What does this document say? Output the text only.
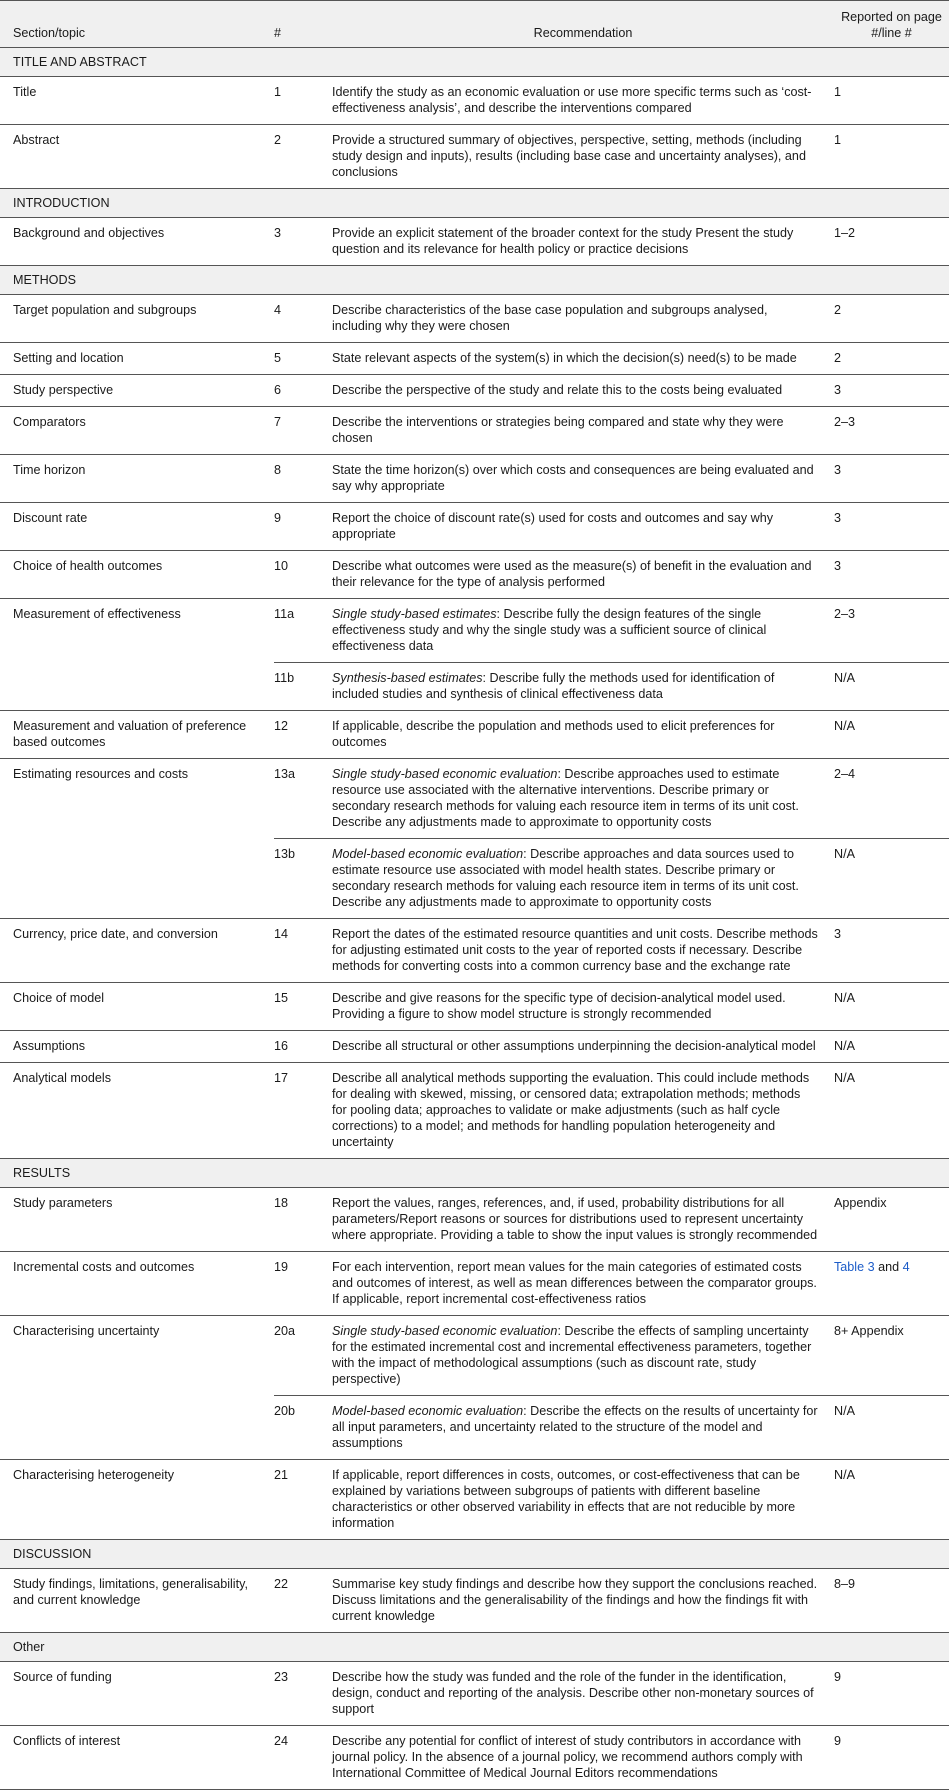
Section/topic	#	Recommendation	Reported on page #/line #
TITLE AND ABSTRACT			
Title	1	Identify the study as an economic evaluation or use more specific terms such as ‘cost-effectiveness analysis’, and describe the interventions compared	1
Abstract	2	Provide a structured summary of objectives, perspective, setting, methods (including study design and inputs), results (including base case and uncertainty analyses), and conclusions	1
INTRODUCTION			
Background and objectives	3	Provide an explicit statement of the broader context for the study Present the study question and its relevance for health policy or practice decisions	1–2
METHODS			
Target population and subgroups	4	Describe characteristics of the base case population and subgroups analysed, including why they were chosen	2
Setting and location	5	State relevant aspects of the system(s) in which the decision(s) need(s) to be made	2
Study perspective	6	Describe the perspective of the study and relate this to the costs being evaluated	3
Comparators	7	Describe the interventions or strategies being compared and state why they were chosen	2–3
Time horizon	8	State the time horizon(s) over which costs and consequences are being evaluated and say why appropriate	3
Discount rate	9	Report the choice of discount rate(s) used for costs and outcomes and say why appropriate	3
Choice of health outcomes	10	Describe what outcomes were used as the measure(s) of benefit in the evaluation and their relevance for the type of analysis performed	3
Measurement of effectiveness	11a	Single study-based estimates: Describe fully the design features of the single effectiveness study and why the single study was a sufficient source of clinical effectiveness data	2–3
	11b	Synthesis-based estimates: Describe fully the methods used for identification of included studies and synthesis of clinical effectiveness data	N/A
Measurement and valuation of preference based outcomes	12	If applicable, describe the population and methods used to elicit preferences for outcomes	N/A
Estimating resources and costs	13a	Single study-based economic evaluation: Describe approaches used to estimate resource use associated with the alternative interventions. Describe primary or secondary research methods for valuing each resource item in terms of its unit cost. Describe any adjustments made to approximate to opportunity costs	2–4
	13b	Model-based economic evaluation: Describe approaches and data sources used to estimate resource use associated with model health states. Describe primary or secondary research methods for valuing each resource item in terms of its unit cost. Describe any adjustments made to approximate to opportunity costs	N/A
Currency, price date, and conversion	14	Report the dates of the estimated resource quantities and unit costs. Describe methods for adjusting estimated unit costs to the year of reported costs if necessary. Describe methods for converting costs into a common currency base and the exchange rate	3
Choice of model	15	Describe and give reasons for the specific type of decision-analytical model used. Providing a figure to show model structure is strongly recommended	N/A
Assumptions	16	Describe all structural or other assumptions underpinning the decision-analytical model	N/A
Analytical models	17	Describe all analytical methods supporting the evaluation. This could include methods for dealing with skewed, missing, or censored data; extrapolation methods; methods for pooling data; approaches to validate or make adjustments (such as half cycle corrections) to a model; and methods for handling population heterogeneity and uncertainty	N/A
RESULTS			
Study parameters	18	Report the values, ranges, references, and, if used, probability distributions for all parameters/Report reasons or sources for distributions used to represent uncertainty where appropriate. Providing a table to show the input values is strongly recommended	Appendix
Incremental costs and outcomes	19	For each intervention, report mean values for the main categories of estimated costs and outcomes of interest, as well as mean differences between the comparator groups. If applicable, report incremental cost-effectiveness ratios	Table 3 and 4
Characterising uncertainty	20a	Single study-based economic evaluation: Describe the effects of sampling uncertainty for the estimated incremental cost and incremental effectiveness parameters, together with the impact of methodological assumptions (such as discount rate, study perspective)	8+ Appendix
	20b	Model-based economic evaluation: Describe the effects on the results of uncertainty for all input parameters, and uncertainty related to the structure of the model and assumptions	N/A
Characterising heterogeneity	21	If applicable, report differences in costs, outcomes, or cost-effectiveness that can be explained by variations between subgroups of patients with different baseline characteristics or other observed variability in effects that are not reducible by more information	N/A
DISCUSSION			
Study findings, limitations, generalisability, and current knowledge	22	Summarise key study findings and describe how they support the conclusions reached. Discuss limitations and the generalisability of the findings and how the findings fit with current knowledge	8–9
Other			
Source of funding	23	Describe how the study was funded and the role of the funder in the identification, design, conduct and reporting of the analysis. Describe other non-monetary sources of support	9
Conflicts of interest	24	Describe any potential for conflict of interest of study contributors in accordance with journal policy. In the absence of a journal policy, we recommend authors comply with International Committee of Medical Journal Editors recommendations	9
